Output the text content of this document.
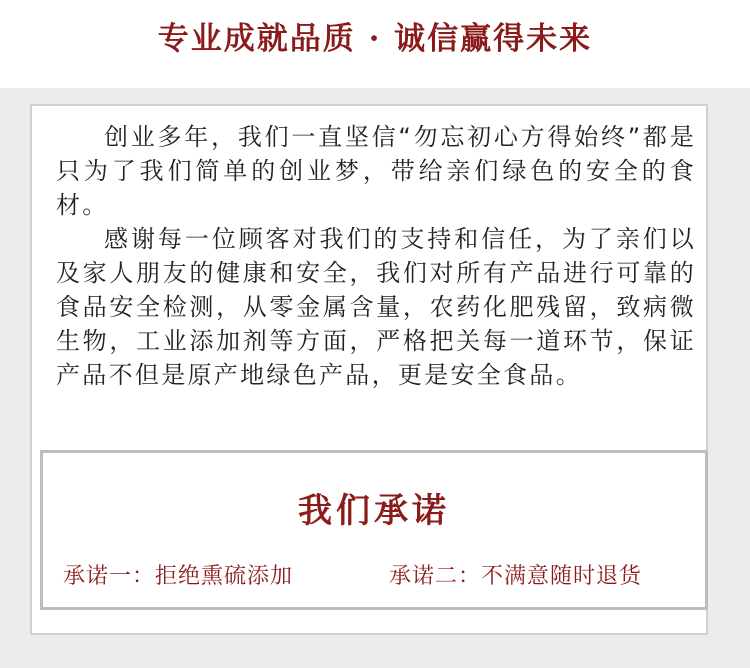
专业成就品质 · 诚信赢得未来

创业多年，我们一直坚信“勿忘初心方得始终”都是只为了我们简单的创业梦，带给亲们绿色的安全的食材。

感谢每一位顾客对我们的支持和信任，为了亲们以及家人朋友的健康和安全，我们对所有产品进行可靠的食品安全检测，从零金属含量，农药化肥残留，致病微生物，工业添加剂等方面，严格把关每一道环节，保证产品不但是原产地绿色产品，更是安全食品。

我们承诺
承诺一：拒绝熏硫添加	承诺二：不满意随时退货
